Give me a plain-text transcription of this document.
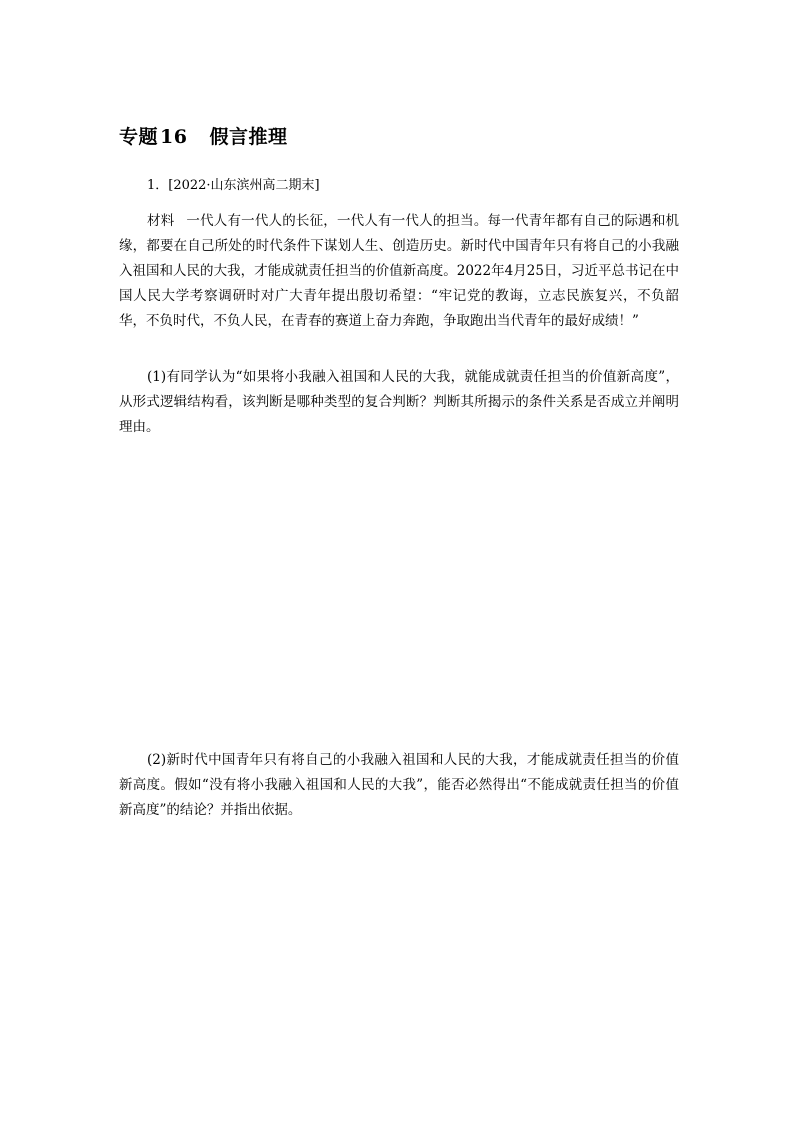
专题 16 假言推理
1．[2022·山东滨州高二期末]

材料 一代人有一代人的长征，一代人有一代人的担当。每一代青年都有自己的际遇和机缘，都要在自己所处的时代条件下谋划人生、创造历史。新时代中国青年只有将自己的小我融入祖国和人民的大我，才能成就责任担当的价值新高度。2022年4月25日，习近平总书记在中国人民大学考察调研时对广大青年提出殷切希望：“牢记党的教诲，立志民族复兴，不负韶华，不负时代，不负人民，在青春的赛道上奋力奔跑，争取跑出当代青年的最好成绩！”

(1)有同学认为“如果将小我融入祖国和人民的大我，就能成就责任担当的价值新高度”，从形式逻辑结构看，该判断是哪种类型的复合判断？判断其所揭示的条件关系是否成立并阐明理由。

(2)新时代中国青年只有将自己的小我融入祖国和人民的大我，才能成就责任担当的价值新高度。假如“没有将小我融入祖国和人民的大我”，能否必然得出“不能成就责任担当的价值新高度”的结论？并指出依据。
